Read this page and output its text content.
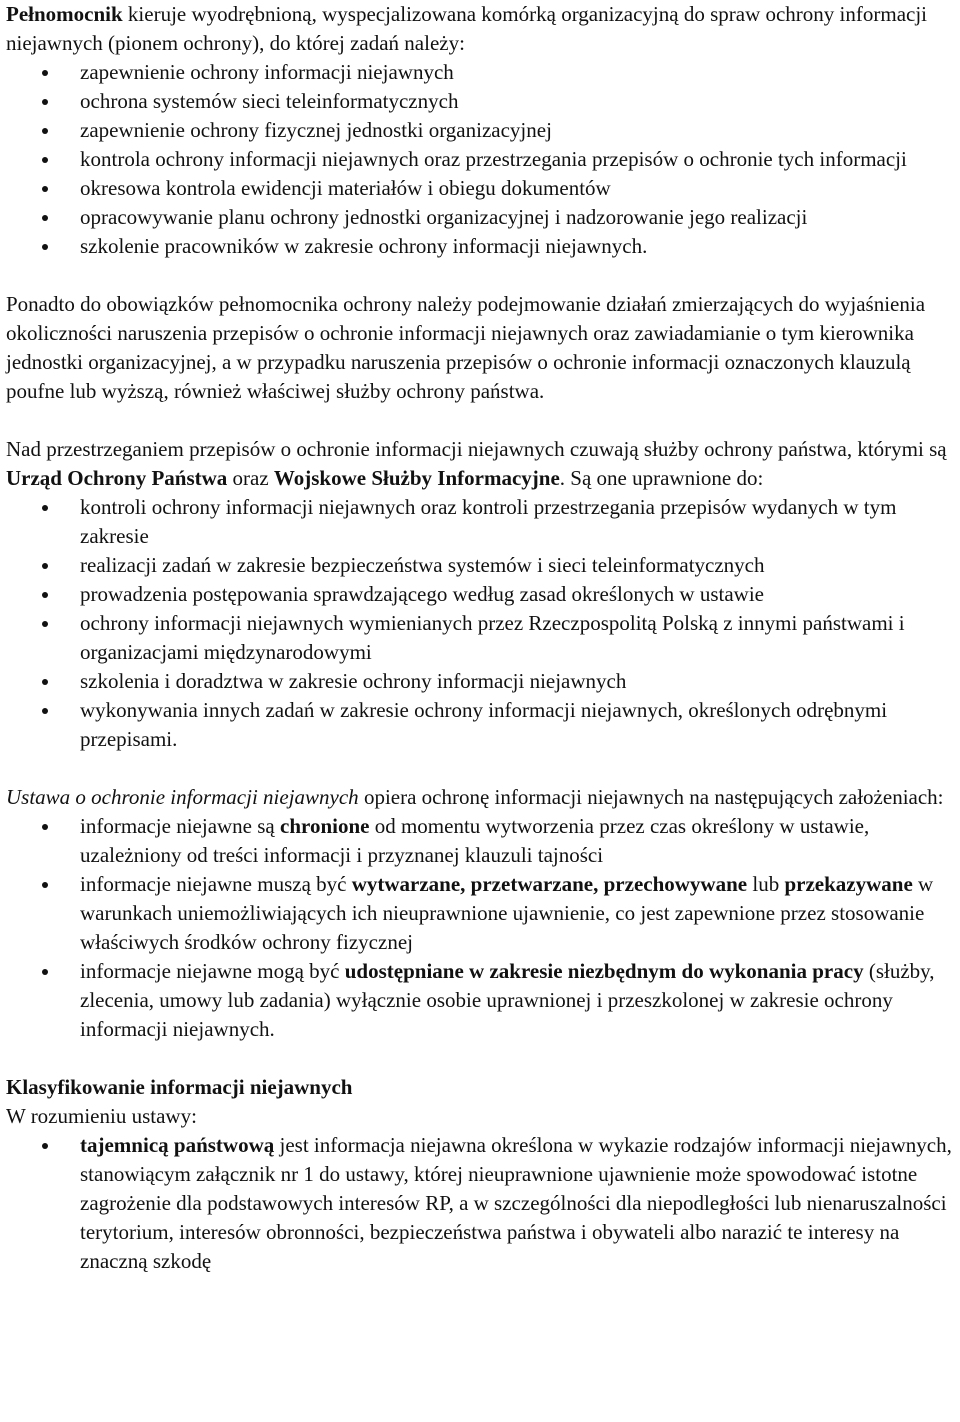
Pełnomocnik kieruje wyodrębnioną, wyspecjalizowana komórką organizacyjną do spraw ochrony informacji niejawnych (pionem ochrony), do której zadań należy:

zapewnienie ochrony informacji niejawnych
ochrona systemów sieci teleinformatycznych
zapewnienie ochrony fizycznej jednostki organizacyjnej
kontrola ochrony informacji niejawnych oraz przestrzegania przepisów o ochronie tych informacji
okresowa kontrola ewidencji materiałów i obiegu dokumentów
opracowywanie planu ochrony jednostki organizacyjnej i nadzorowanie jego realizacji
szkolenie pracowników w zakresie ochrony informacji niejawnych.

Ponadto do obowiązków pełnomocnika ochrony należy podejmowanie działań zmierzających do wyjaśnienia okoliczności naruszenia przepisów o ochronie informacji niejawnych oraz zawiadamianie o tym kierownika jednostki organizacyjnej, a w przypadku naruszenia przepisów o ochronie informacji oznaczonych klauzulą poufne lub wyższą, również właściwej służby ochrony państwa.

Nad przestrzeganiem przepisów o ochronie informacji niejawnych czuwają służby ochrony państwa, którymi są Urząd Ochrony Państwa oraz Wojskowe Służby Informacyjne. Są one uprawnione do:

kontroli ochrony informacji niejawnych oraz kontroli przestrzegania przepisów wydanych w tym zakresie
realizacji zadań w zakresie bezpieczeństwa systemów i sieci teleinformatycznych
prowadzenia postępowania sprawdzającego według zasad określonych w ustawie
ochrony informacji niejawnych wymienianych przez Rzeczpospolitą Polską z innymi państwami i organizacjami międzynarodowymi
szkolenia i doradztwa w zakresie ochrony informacji niejawnych
wykonywania innych zadań w zakresie ochrony informacji niejawnych, określonych odrębnymi przepisami.

Ustawa o ochronie informacji niejawnych opiera ochronę informacji niejawnych na następujących założeniach:

informacje niejawne są chronione od momentu wytworzenia przez czas określony w ustawie, uzależniony od treści informacji i przyznanej klauzuli tajności
informacje niejawne muszą być wytwarzane, przetwarzane, przechowywane lub przekazywane w warunkach uniemożliwiających ich nieuprawnione ujawnienie, co jest zapewnione przez stosowanie właściwych środków ochrony fizycznej
informacje niejawne mogą być udostępniane w zakresie niezbędnym do wykonania pracy (służby, zlecenia, umowy lub zadania) wyłącznie osobie uprawnionej i przeszkolonej w zakresie ochrony informacji niejawnych.

Klasyfikowanie informacji niejawnych

W rozumieniu ustawy:

tajemnicą państwową jest informacja niejawna określona w wykazie rodzajów informacji niejawnych, stanowiącym załącznik nr 1 do ustawy, której nieuprawnione ujawnienie może spowodować istotne zagrożenie dla podstawowych interesów RP, a w szczególności dla niepodległości lub nienaruszalności terytorium, interesów obronności, bezpieczeństwa państwa i obywateli albo narazić te interesy na znaczną szkodę
